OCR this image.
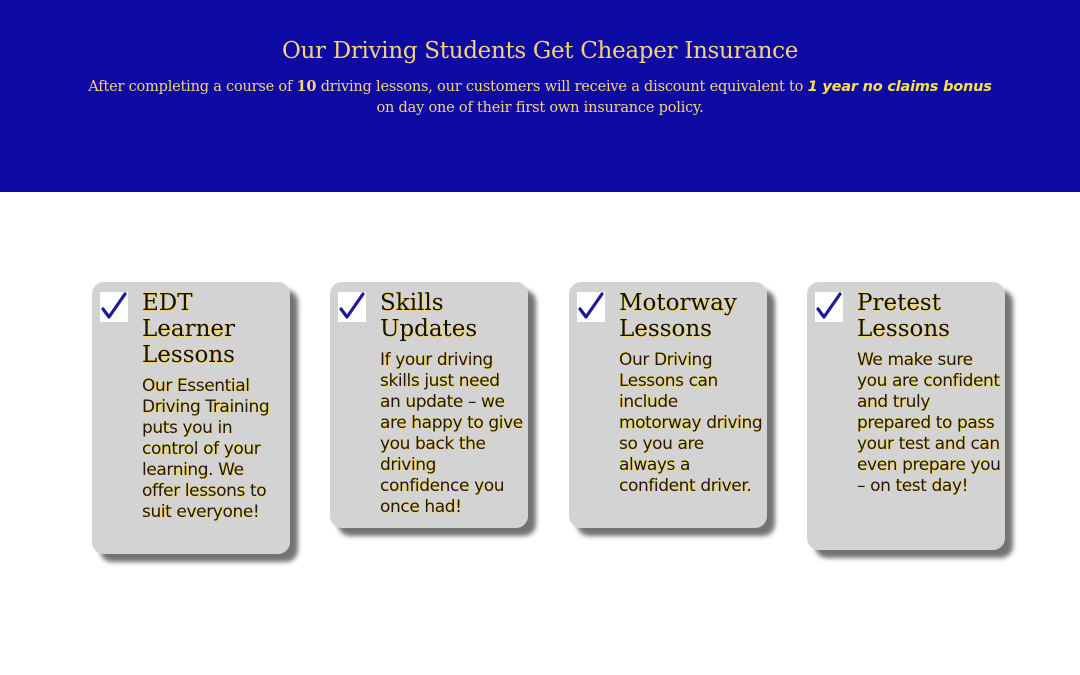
Our Driving Students Get Cheaper Insurance
After completing a course of 10 driving lessons, our customers will receive a discount equivalent to 1 year no claims bonus
on day one of their first own insurance policy.
EDT Learner Lessons
Our Essential Driving Training puts you in control of your learning. We offer lessons to suit everyone!
Skills Updates
If your driving skills just need an update – we are happy to give you back the driving confidence you once had!
Motorway Lessons
Our Driving Lessons can include motorway driving so you are always a confident driver.
Pretest Lessons
We make sure you are confident and truly prepared to pass your test and can even prepare you – on test day!
